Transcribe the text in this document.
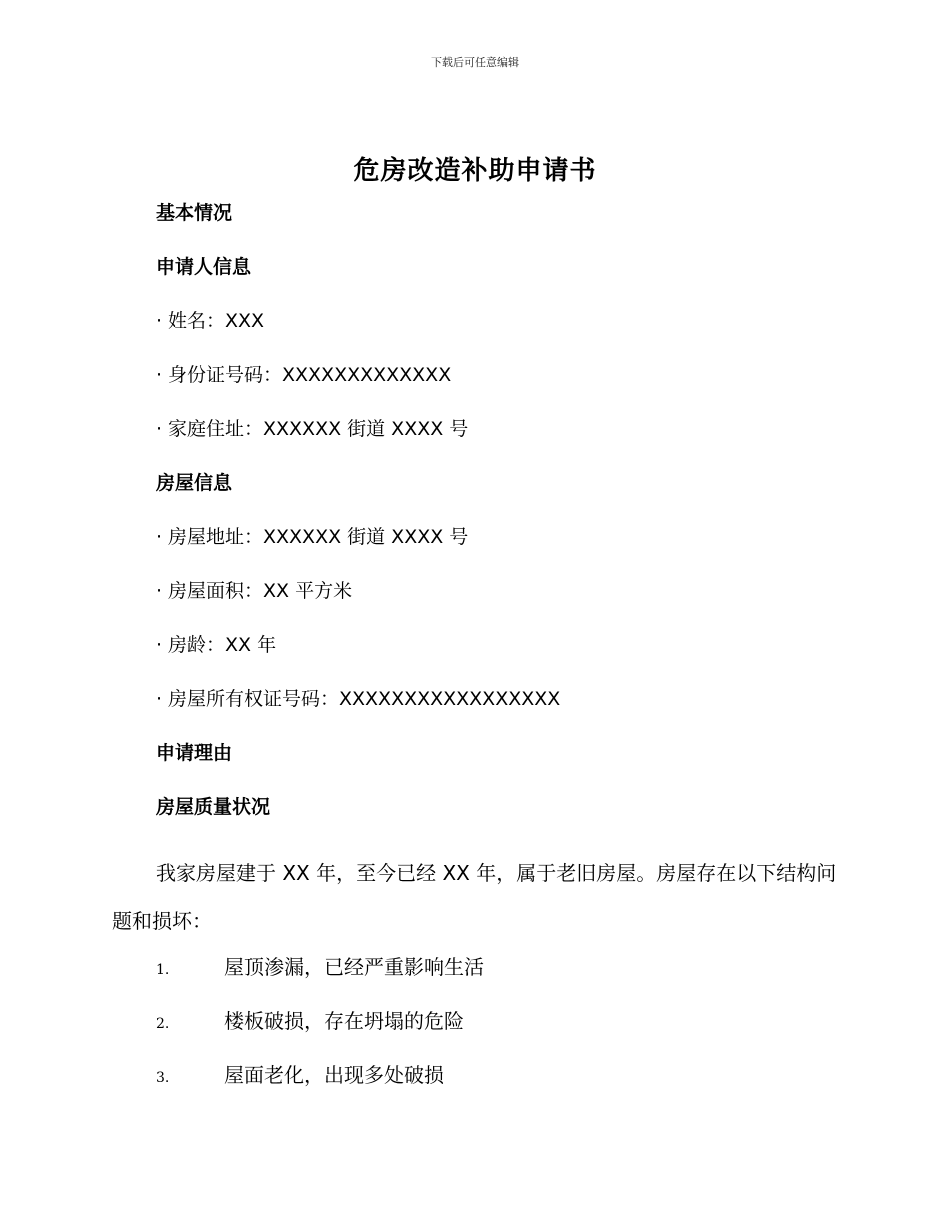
下载后可任意编辑
危房改造补助申请书
基本情况
申请人信息
· 姓名：XXX
· 身份证号码：XXXXXXXXXXXXX
· 家庭住址：XXXXXX 街道 XXXX 号
房屋信息
· 房屋地址：XXXXXX 街道 XXXX 号
· 房屋面积：XX 平方米
· 房龄：XX 年
· 房屋所有权证号码：XXXXXXXXXXXXXXXXX
申请理由
房屋质量状况

我家房屋建于 XX 年，至今已经 XX 年，属于老旧房屋。房屋存在以下结构问题和损坏：

1.	屋顶渗漏，已经严重影响生活
2.	楼板破损，存在坍塌的危险
3.	屋面老化，出现多处破损
